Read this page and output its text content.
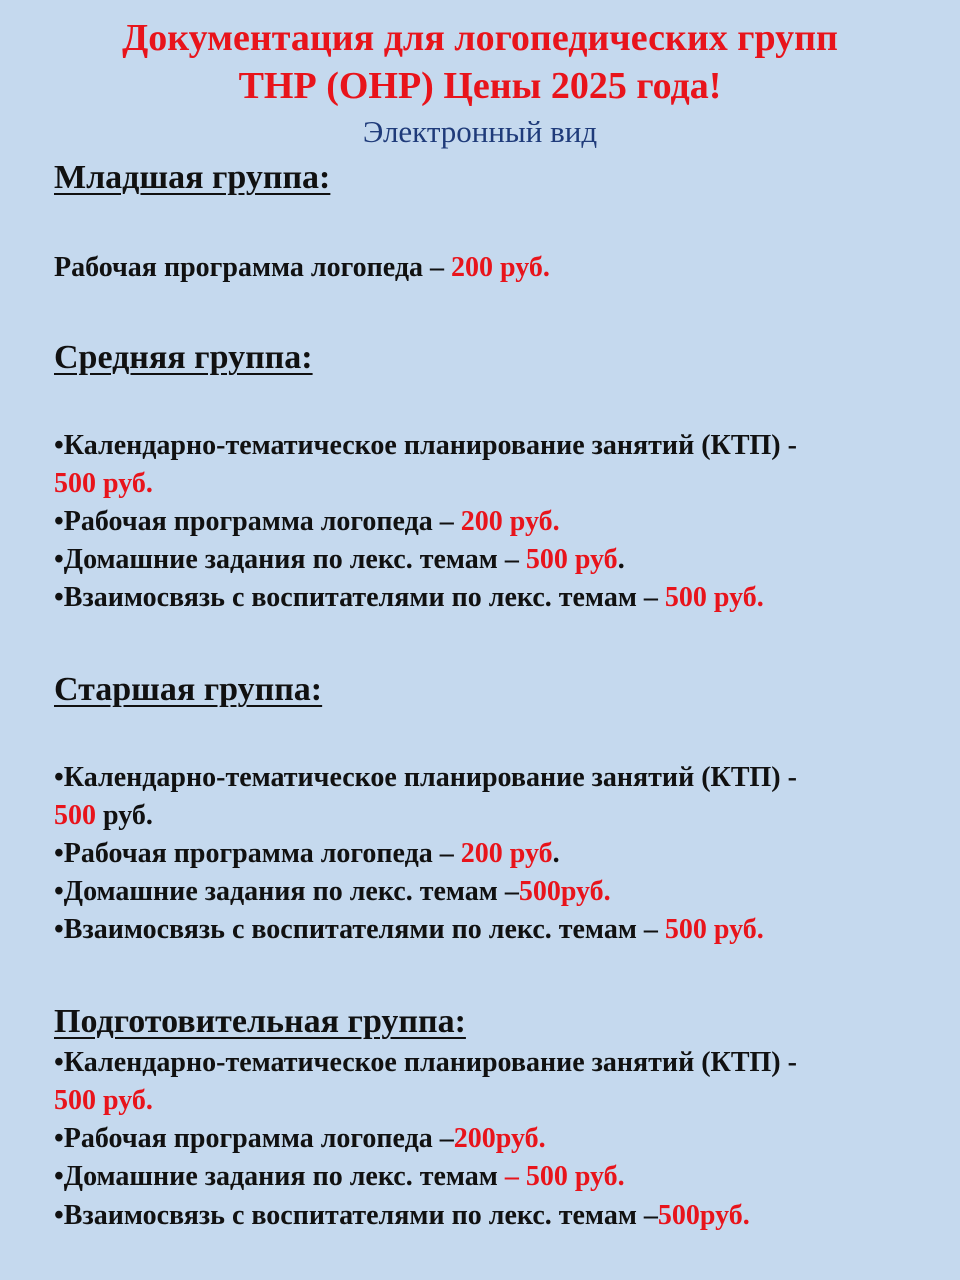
Документация для логопедических групп
ТНР (ОНР) Цены 2025 года!
Электронный вид
Младшая группа:
Рабочая программа логопеда – 200 руб.
Средняя группа:
•Календарно-тематическое планирование занятий (КТП) -
500 руб.
•Рабочая программа логопеда – 200 руб.
•Домашние задания по лекс. темам – 500 руб.
•Взаимосвязь с воспитателями по лекс. темам – 500 руб.
Старшая группа:
•Календарно-тематическое планирование занятий (КТП) -
500 руб.
•Рабочая программа логопеда – 200 руб.
•Домашние задания по лекс. темам –500руб.
•Взаимосвязь с воспитателями по лекс. темам – 500 руб.
Подготовительная группа:
•Календарно-тематическое планирование занятий (КТП) -
500 руб.
•Рабочая программа логопеда –200руб.
•Домашние задания по лекс. темам – 500 руб.
•Взаимосвязь с воспитателями по лекс. темам –500руб.
